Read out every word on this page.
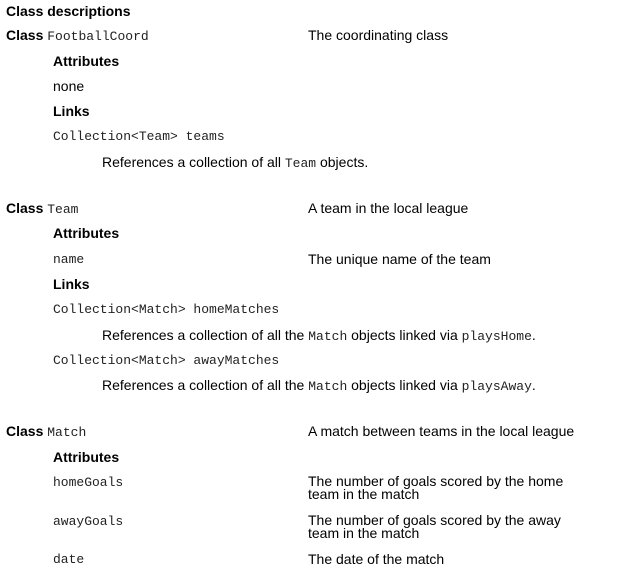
Class descriptions
Class FootballCoord	The coordinating class
Attributes
none
Links
Collection<Team> teams
References a collection of all Team objects.
Class Team	A team in the local league
Attributes
name	The unique name of the team
Links
Collection<Match> homeMatches
References a collection of all the Match objects linked via playsHome.
Collection<Match> awayMatches
References a collection of all the Match objects linked via playsAway.
Class Match	A match between teams in the local league
Attributes
homeGoals	The number of goals scored by the home
team in the match
awayGoals	The number of goals scored by the away
team in the match
date	The date of the match
